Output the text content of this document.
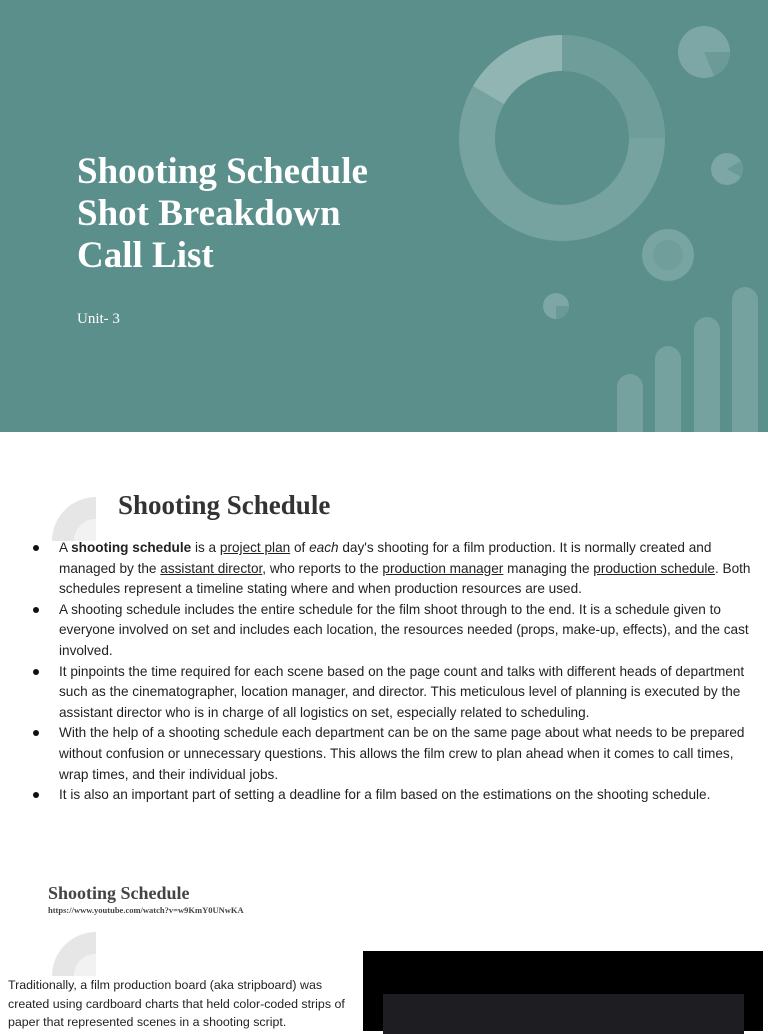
Shooting Schedule
Shot Breakdown
Call List
Unit- 3
Shooting Schedule
A shooting schedule is a project plan of each day's shooting for a film production. It is normally created and managed by the assistant director, who reports to the production manager managing the production schedule. Both schedules represent a timeline stating where and when production resources are used.
A shooting schedule includes the entire schedule for the film shoot through to the end. It is a schedule given to everyone involved on set and includes each location, the resources needed (props, make-up, effects), and the cast involved.
It pinpoints the time required for each scene based on the page count and talks with different heads of department such as the cinematographer, location manager, and director. This meticulous level of planning is executed by the assistant director who is in charge of all logistics on set, especially related to scheduling.
With the help of a shooting schedule each department can be on the same page about what needs to be prepared without confusion or unnecessary questions. This allows the film crew to plan ahead when it comes to call times, wrap times, and their individual jobs.
It is also an important part of setting a deadline for a film based on the estimations on the shooting schedule.
Shooting Schedule
https://www.youtube.com/watch?v=w9KmY0UNwKA
Traditionally, a film production board (aka stripboard) was created using cardboard charts that held color-coded strips of paper that represented scenes in a shooting script.
